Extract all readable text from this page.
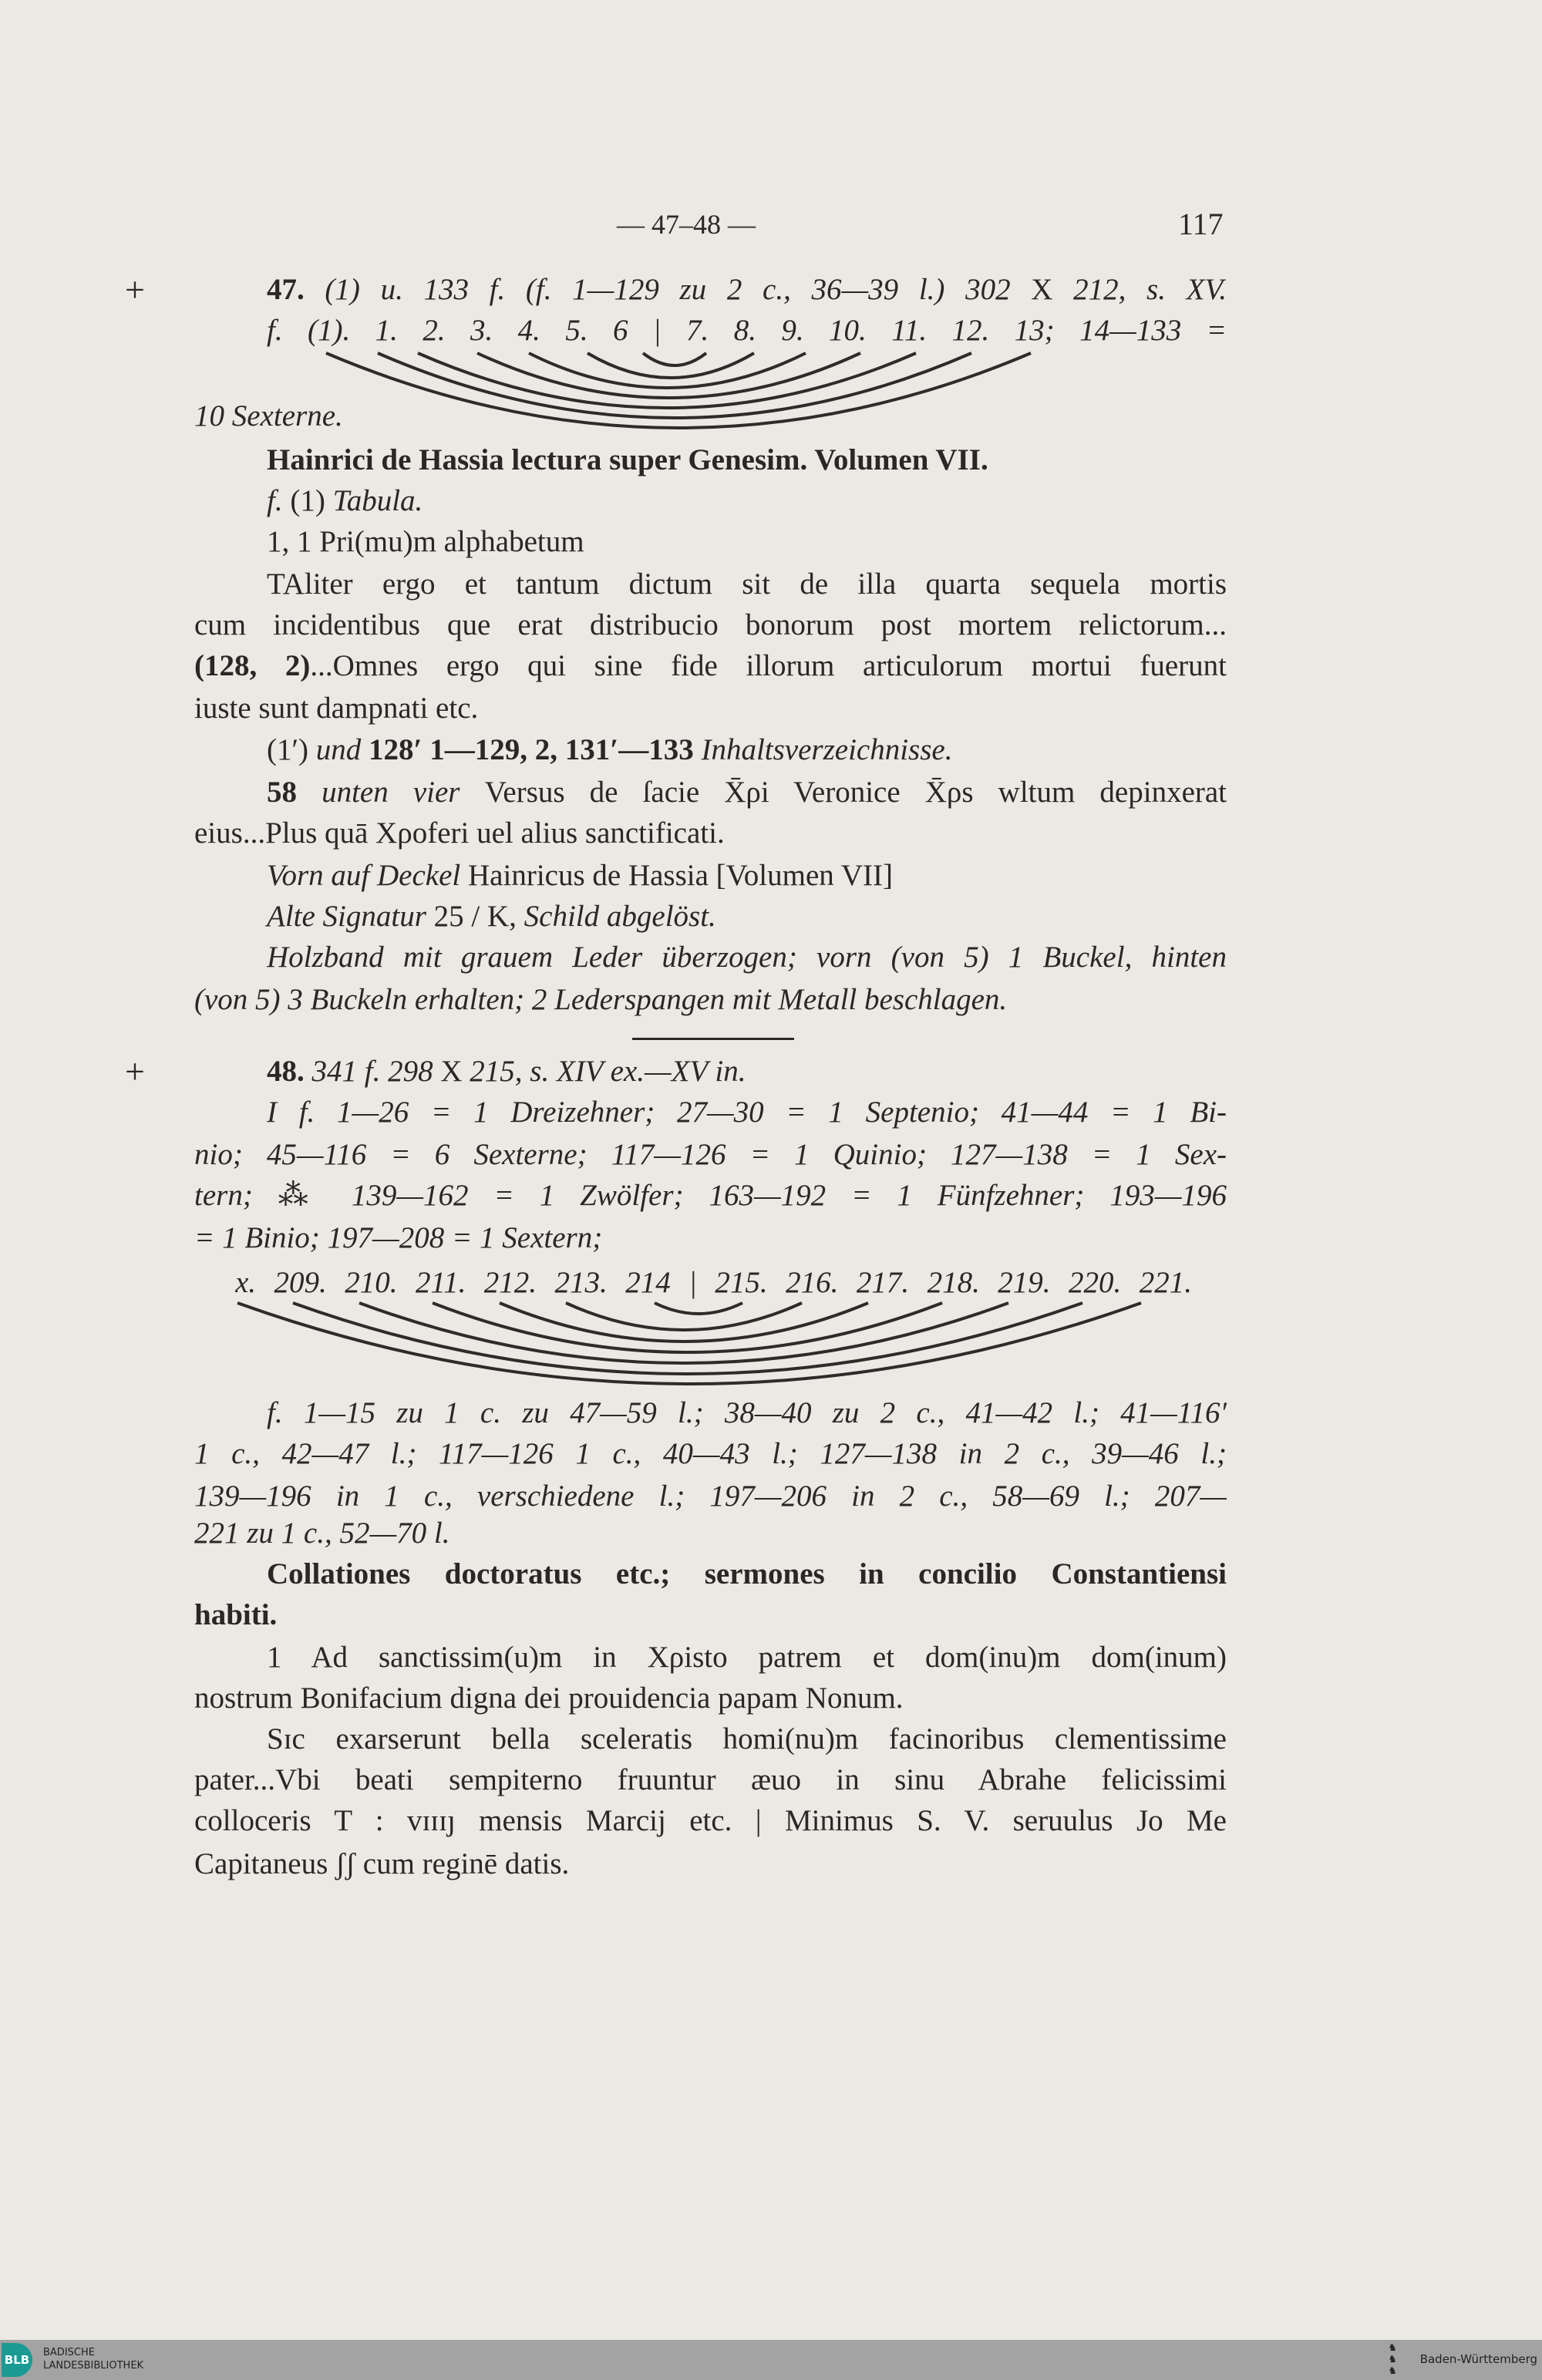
— 47–48 —	117
+
+
47. (1) u. 133 f. (f. 1—129 zu 2 c., 36—39 l.) 302 X 212, s. XV.
f. (1). 1. 2. 3. 4. 5. 6 | 7. 8. 9. 10. 11. 12. 13; 14—133 =
10 Sexterne.
Hainrici de Hassia lectura super Genesim. Volumen VII.
f. (1) Tabula.
1, 1 Pri(mu)m alphabetum
TAliter ergo et tantum dictum sit de illa quarta sequela mortis
cum incidentibus que erat distribucio bonorum post mortem relictorum...
(128, 2)...Omnes ergo qui sine fide illorum articulorum mortui fuerunt
iuste sunt dampnati etc.
(1′) und 128′ 1—129, 2, 131′—133 Inhaltsverzeichnisse.
58 unten vier Versus de ſacie X̄ρi Veronice X̄ρs wltum depinxerat
eius...Plus quā Xρoferi uel alius sanctificati.
Vorn auf Deckel Hainricus de Hassia [Volumen VII]
Alte Signatur 25 / K, Schild abgelöst.
Holzband mit grauem Leder überzogen; vorn (von 5) 1 Buckel, hinten
(von 5) 3 Buckeln erhalten; 2 Lederspangen mit Metall beschlagen.
48. 341 f. 298 X 215, s. XIV ex.—XV in.
I f. 1—26 = 1 Dreizehner; 27—30 = 1 Septenio; 41—44 = 1 Bi-
nio; 45—116 = 6 Sexterne; 117—126 = 1 Quinio; 127—138 = 1 Sex-
tern; ⁂ 139—162 = 1 Zwölfer; 163—192 = 1 Fünfzehner; 193—196
= 1 Binio; 197—208 = 1 Sextern;
x. 209. 210. 211. 212. 213. 214 | 215. 216. 217. 218. 219. 220. 221.
f. 1—15 zu 1 c. zu 47—59 l.; 38—40 zu 2 c., 41—42 l.; 41—116′
1 c., 42—47 l.; 117—126 1 c., 40—43 l.; 127—138 in 2 c., 39—46 l.;
139—196 in 1 c., verschiedene l.; 197—206 in 2 c., 58—69 l.; 207—
221 zu 1 c., 52—70 l.
Collationes doctoratus etc.; sermones in concilio Constantiensi
habiti.
1 Ad sanctissim(u)m in Xρisto patrem et dom(inu)m dom(inum)
nostrum Bonifacium digna dei prouidencia papam Nonum.
Sɪc exarserunt bella sceleratis homi(nu)m facinoribus clementissime
pater...Vbi beati sempiterno fruuntur æuo in sinu Abrahe felicissimi
colloceris T : vɪɪɪȷ mensis Marcij etc. | Minimus S. V. seruulus Jo Me
Capitaneus ʃʃ cum reginē datis.
BLB
BADISCHE
LANDESBIBLIOTHEK
♞
♞
♞
Baden-Württemberg
